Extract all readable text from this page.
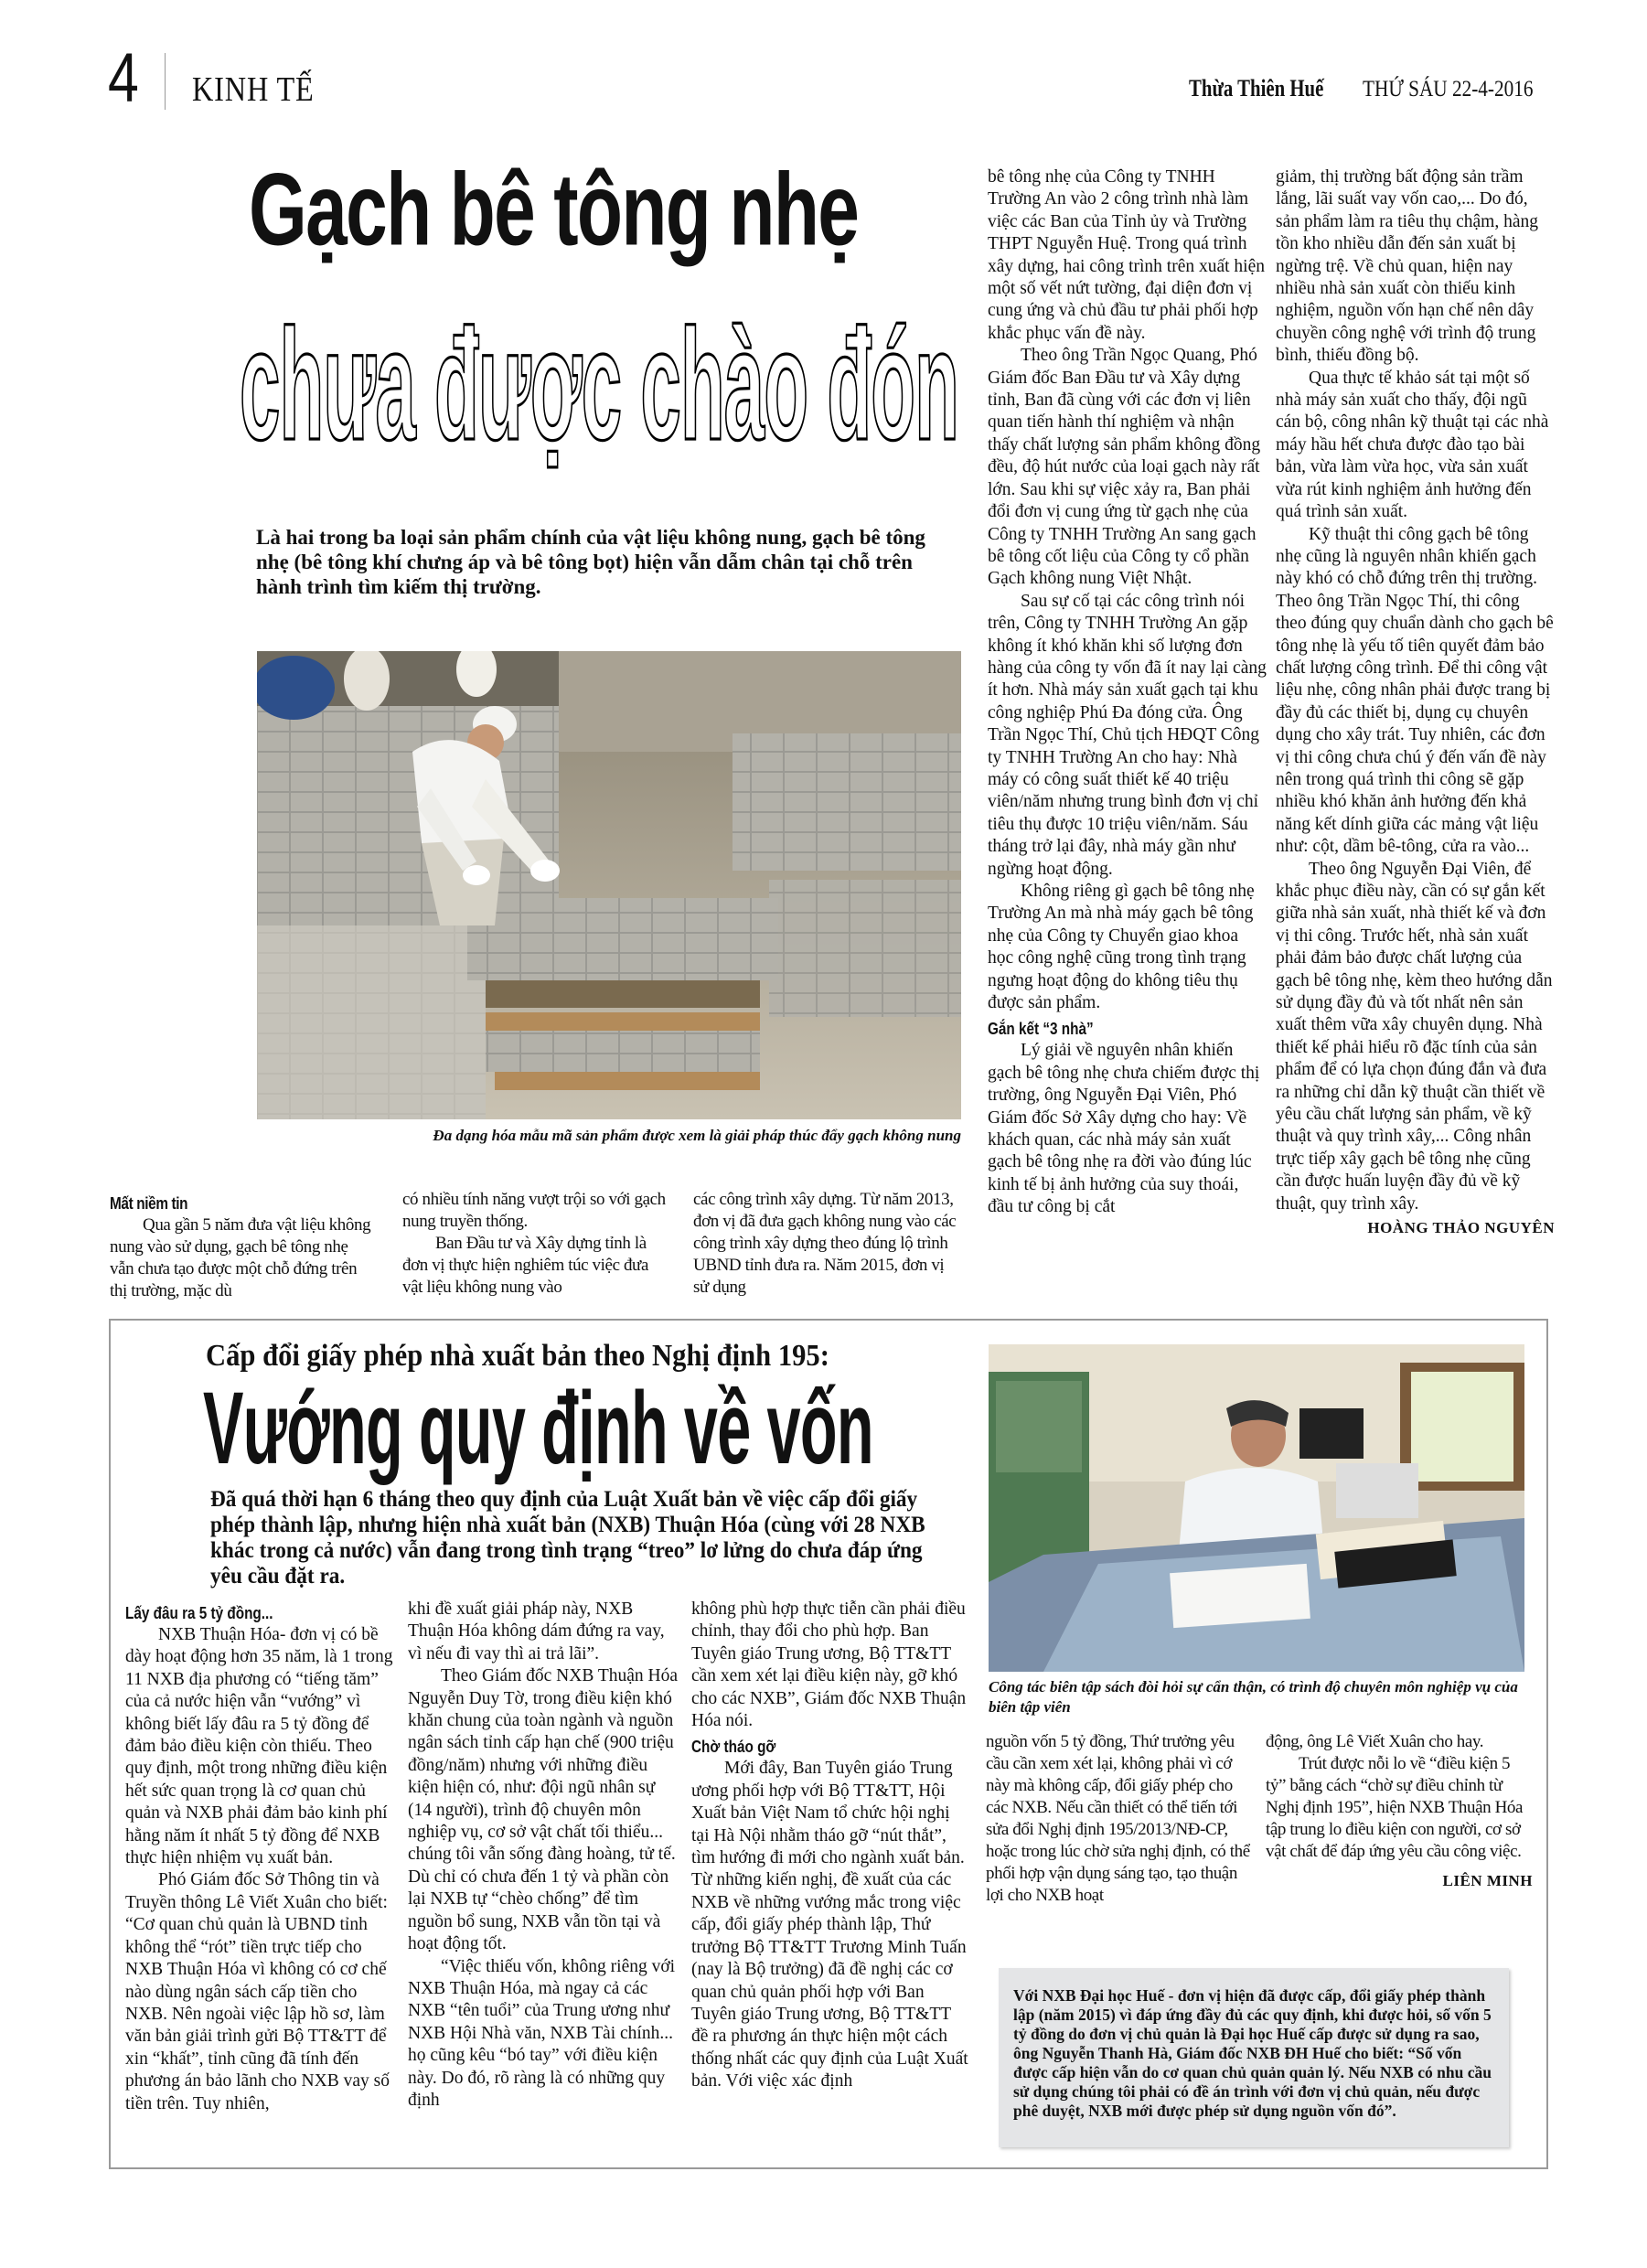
4 KINH TẾ	Thừa Thiên Huế THỨ SÁU 22-4-2016
Gạch bê tông nhẹ
chưa được chào đón
Là hai trong ba loại sản phẩm chính của vật liệu không nung, gạch bê tông nhẹ (bê tông khí chưng áp và bê tông bọt) hiện vẫn dẫm chân tại chỗ trên hành trình tìm kiếm thị trường.
Đa dạng hóa mẫu mã sản phẩm được xem là giải pháp thúc đẩy gạch không nung
Mất niềm tin

Qua gần 5 năm đưa vật liệu không nung vào sử dụng, gạch bê tông nhẹ vẫn chưa tạo được một chỗ đứng trên thị trường, mặc dù

có nhiều tính năng vượt trội so với gạch nung truyền thống.

Ban Đầu tư và Xây dựng tỉnh là đơn vị thực hiện nghiêm túc việc đưa vật liệu không nung vào

các công trình xây dựng. Từ năm 2013, đơn vị đã đưa gạch không nung vào các công trình xây dựng theo đúng lộ trình UBND tỉnh đưa ra. Năm 2015, đơn vị sử dụng

bê tông nhẹ của Công ty TNHH Trường An vào 2 công trình nhà làm việc các Ban của Tỉnh ủy và Trường THPT Nguyễn Huệ. Trong quá trình xây dựng, hai công trình trên xuất hiện một số vết nứt tường, đại diện đơn vị cung ứng và chủ đầu tư phải phối hợp khắc phục vấn đề này.

Theo ông Trần Ngọc Quang, Phó Giám đốc Ban Đầu tư và Xây dựng tỉnh, Ban đã cùng với các đơn vị liên quan tiến hành thí nghiệm và nhận thấy chất lượng sản phẩm không đồng đều, độ hút nước của loại gạch này rất lớn. Sau khi sự việc xảy ra, Ban phải đổi đơn vị cung ứng từ gạch nhẹ của Công ty TNHH Trường An sang gạch bê tông cốt liệu của Công ty cổ phần Gạch không nung Việt Nhật.

Sau sự cố tại các công trình nói trên, Công ty TNHH Trường An gặp không ít khó khăn khi số lượng đơn hàng của công ty vốn đã ít nay lại càng ít hơn. Nhà máy sản xuất gạch tại khu công nghiệp Phú Đa đóng cửa. Ông Trần Ngọc Thí, Chủ tịch HĐQT Công ty TNHH Trường An cho hay: Nhà máy có công suất thiết kế 40 triệu viên/năm nhưng trung bình đơn vị chỉ tiêu thụ được 10 triệu viên/năm. Sáu tháng trở lại đây, nhà máy gần như ngừng hoạt động.

Không riêng gì gạch bê tông nhẹ Trường An mà nhà máy gạch bê tông nhẹ của Công ty Chuyển giao khoa học công nghệ cũng trong tình trạng ngưng hoạt động do không tiêu thụ được sản phẩm.

Gắn kết “3 nhà”

Lý giải về nguyên nhân khiến gạch bê tông nhẹ chưa chiếm được thị trường, ông Nguyễn Đại Viên, Phó Giám đốc Sở Xây dựng cho hay: Về khách quan, các nhà máy sản xuất gạch bê tông nhẹ ra đời vào đúng lúc kinh tế bị ảnh hưởng của suy thoái, đầu tư công bị cắt

giảm, thị trường bất động sản trầm lắng, lãi suất vay vốn cao,... Do đó, sản phẩm làm ra tiêu thụ chậm, hàng tồn kho nhiều dẫn đến sản xuất bị ngừng trệ. Về chủ quan, hiện nay nhiều nhà sản xuất còn thiếu kinh nghiệm, nguồn vốn hạn chế nên dây chuyền công nghệ với trình độ trung bình, thiếu đồng bộ.

Qua thực tế khảo sát tại một số nhà máy sản xuất cho thấy, đội ngũ cán bộ, công nhân kỹ thuật tại các nhà máy hầu hết chưa được đào tạo bài bản, vừa làm vừa học, vừa sản xuất vừa rút kinh nghiệm ảnh hưởng đến quá trình sản xuất.

Kỹ thuật thi công gạch bê tông nhẹ cũng là nguyên nhân khiến gạch này khó có chỗ đứng trên thị trường. Theo ông Trần Ngọc Thí, thi công theo đúng quy chuẩn dành cho gạch bê tông nhẹ là yếu tố tiên quyết đảm bảo chất lượng công trình. Để thi công vật liệu nhẹ, công nhân phải được trang bị đầy đủ các thiết bị, dụng cụ chuyên dụng cho xây trát. Tuy nhiên, các đơn vị thi công chưa chú ý đến vấn đề này nên trong quá trình thi công sẽ gặp nhiều khó khăn ảnh hưởng đến khả năng kết dính giữa các mảng vật liệu như: cột, dầm bê-tông, cửa ra vào...

Theo ông Nguyễn Đại Viên, để khắc phục điều này, cần có sự gắn kết giữa nhà sản xuất, nhà thiết kế và đơn vị thi công. Trước hết, nhà sản xuất phải đảm bảo được chất lượng của gạch bê tông nhẹ, kèm theo hướng dẫn sử dụng đầy đủ và tốt nhất nên sản xuất thêm vữa xây chuyên dụng. Nhà thiết kế phải hiểu rõ đặc tính của sản phẩm để có lựa chọn đúng đắn và đưa ra những chỉ dẫn kỹ thuật cần thiết về yêu cầu chất lượng sản phẩm, về kỹ thuật và quy trình xây,... Công nhân trực tiếp xây gạch bê tông nhẹ cũng cần được huấn luyện đầy đủ về kỹ thuật, quy trình xây.

HOÀNG THẢO NGUYÊN
Cấp đổi giấy phép nhà xuất bản theo Nghị định 195:
Vướng quy định về vốn
Đã quá thời hạn 6 tháng theo quy định của Luật Xuất bản về việc cấp đổi giấy phép thành lập, nhưng hiện nhà xuất bản (NXB) Thuận Hóa (cùng với 28 NXB khác trong cả nước) vẫn đang trong tình trạng “treo” lơ lửng do chưa đáp ứng yêu cầu đặt ra.
Công tác biên tập sách đòi hỏi sự cẩn thận, có trình độ chuyên môn nghiệp vụ của biên tập viên
Lấy đâu ra 5 tỷ đồng...

NXB Thuận Hóa- đơn vị có bề dày hoạt động hơn 35 năm, là 1 trong 11 NXB địa phương có “tiếng tăm” của cả nước hiện vẫn “vướng” vì không biết lấy đâu ra 5 tỷ đồng để đảm bảo điều kiện còn thiếu. Theo quy định, một trong những điều kiện hết sức quan trọng là cơ quan chủ quản và NXB phải đảm bảo kinh phí hằng năm ít nhất 5 tỷ đồng để NXB thực hiện nhiệm vụ xuất bản.

Phó Giám đốc Sở Thông tin và Truyền thông Lê Viết Xuân cho biết: “Cơ quan chủ quản là UBND tỉnh không thể “rót” tiền trực tiếp cho NXB Thuận Hóa vì không có cơ chế nào dùng ngân sách cấp tiền cho NXB. Nên ngoài việc lập hồ sơ, làm văn bản giải trình gửi Bộ TT&TT để xin “khất”, tỉnh cũng đã tính đến phương án bảo lãnh cho NXB vay số tiền trên. Tuy nhiên,

khi đề xuất giải pháp này, NXB Thuận Hóa không dám đứng ra vay, vì nếu đi vay thì ai trả lãi”.

Theo Giám đốc NXB Thuận Hóa Nguyễn Duy Tờ, trong điều kiện khó khăn chung của toàn ngành và nguồn ngân sách tỉnh cấp hạn chế (900 triệu đồng/năm) nhưng với những điều kiện hiện có, như: đội ngũ nhân sự (14 người), trình độ chuyên môn nghiệp vụ, cơ sở vật chất tối thiểu... chúng tôi vẫn sống đàng hoàng, tử tế. Dù chỉ có chưa đến 1 tỷ và phần còn lại NXB tự “chèo chống” để tìm nguồn bổ sung, NXB vẫn tồn tại và hoạt động tốt.

“Việc thiếu vốn, không riêng với NXB Thuận Hóa, mà ngay cả các NXB “tên tuổi” của Trung ương như NXB Hội Nhà văn, NXB Tài chính... họ cũng kêu “bó tay” với điều kiện này. Do đó, rõ ràng là có những quy định

không phù hợp thực tiễn cần phải điều chỉnh, thay đổi cho phù hợp. Ban Tuyên giáo Trung ương, Bộ TT&TT cần xem xét lại điều kiện này, gỡ khó cho các NXB”, Giám đốc NXB Thuận Hóa nói.

Chờ tháo gỡ

Mới đây, Ban Tuyên giáo Trung ương phối hợp với Bộ TT&TT, Hội Xuất bản Việt Nam tổ chức hội nghị tại Hà Nội nhằm tháo gỡ “nút thắt”, tìm hướng đi mới cho ngành xuất bản. Từ những kiến nghị, đề xuất của các NXB về những vướng mắc trong việc cấp, đổi giấy phép thành lập, Thứ trưởng Bộ TT&TT Trương Minh Tuấn (nay là Bộ trưởng) đã đề nghị các cơ quan chủ quản phối hợp với Ban Tuyên giáo Trung ương, Bộ TT&TT đề ra phương án thực hiện một cách thống nhất các quy định của Luật Xuất bản. Với việc xác định

nguồn vốn 5 tỷ đồng, Thứ trưởng yêu cầu cần xem xét lại, không phải vì cớ này mà không cấp, đổi giấy phép cho các NXB. Nếu cần thiết có thể tiến tới sửa đổi Nghị định 195/2013/NĐ-CP, hoặc trong lúc chờ sửa nghị định, có thể phối hợp vận dụng sáng tạo, tạo thuận lợi cho NXB hoạt

động, ông Lê Viết Xuân cho hay.

Trút được nỗi lo về “điều kiện 5 tỷ” bằng cách “chờ sự điều chỉnh từ Nghị định 195”, hiện NXB Thuận Hóa tập trung lo điều kiện con người, cơ sở vật chất để đáp ứng yêu cầu công việc.

LIÊN MINH
Với NXB Đại học Huế - đơn vị hiện đã được cấp, đổi giấy phép thành lập (năm 2015) vì đáp ứng đầy đủ các quy định, khi được hỏi, số vốn 5 tỷ đồng do đơn vị chủ quản là Đại học Huế cấp được sử dụng ra sao, ông Nguyễn Thanh Hà, Giám đốc NXB ĐH Huế cho biết: “Số vốn được cấp hiện vẫn do cơ quan chủ quản quản lý. Nếu NXB có nhu cầu sử dụng chúng tôi phải có đề án trình với đơn vị chủ quản, nếu được phê duyệt, NXB mới được phép sử dụng nguồn vốn đó”.
